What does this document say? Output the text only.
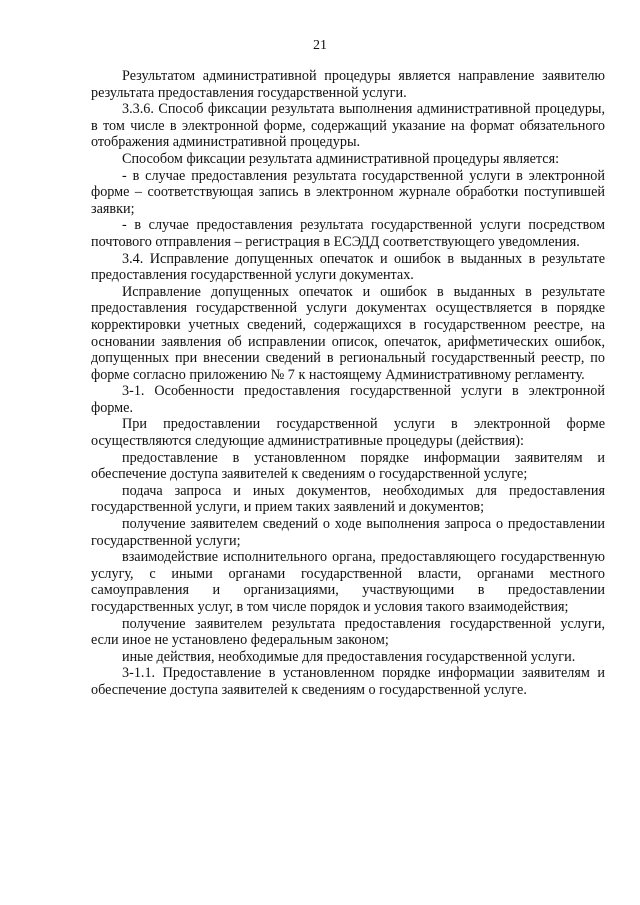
21

Результатом административной процедуры является направление заявителю результата предоставления государственной услуги.

3.3.6. Способ фиксации результата выполнения административной процедуры, в том числе в электронной форме, содержащий указание на формат обязательного отображения административной процедуры.

Способом фиксации результата административной процедуры является:

- в случае предоставления результата государственной услуги в электронной форме – соответствующая запись в электронном журнале обработки поступившей заявки;

- в случае предоставления результата государственной услуги посредством почтового отправления – регистрация в ЕСЭДД соответствующего уведомления.

3.4. Исправление допущенных опечаток и ошибок в выданных в результате предоставления государственной услуги документах.

Исправление допущенных опечаток и ошибок в выданных в результате предоставления государственной услуги документах осуществляется в порядке корректировки учетных сведений, содержащихся в государственном реестре, на основании заявления об исправлении описок, опечаток, арифметических ошибок, допущенных при внесении сведений в региональный государственный реестр, по форме согласно приложению № 7 к настоящему Административному регламенту.

3-1. Особенности предоставления государственной услуги в электронной форме.

При предоставлении государственной услуги в электронной форме осуществляются следующие административные процедуры (действия):

предоставление в установленном порядке информации заявителям и обеспечение доступа заявителей к сведениям о государственной услуге;

подача запроса и иных документов, необходимых для предоставления государственной услуги, и прием таких заявлений и документов;

получение заявителем сведений о ходе выполнения запроса о предоставлении государственной услуги;

взаимодействие исполнительного органа, предоставляющего государственную услугу, с иными органами государственной власти, органами местного самоуправления и организациями, участвующими в предоставлении государственных услуг, в том числе порядок и условия такого взаимодействия;

получение заявителем результата предоставления государственной услуги, если иное не установлено федеральным законом;

иные действия, необходимые для предоставления государственной услуги.

3-1.1. Предоставление в установленном порядке информации заявителям и обеспечение доступа заявителей к сведениям о государственной услуге.
